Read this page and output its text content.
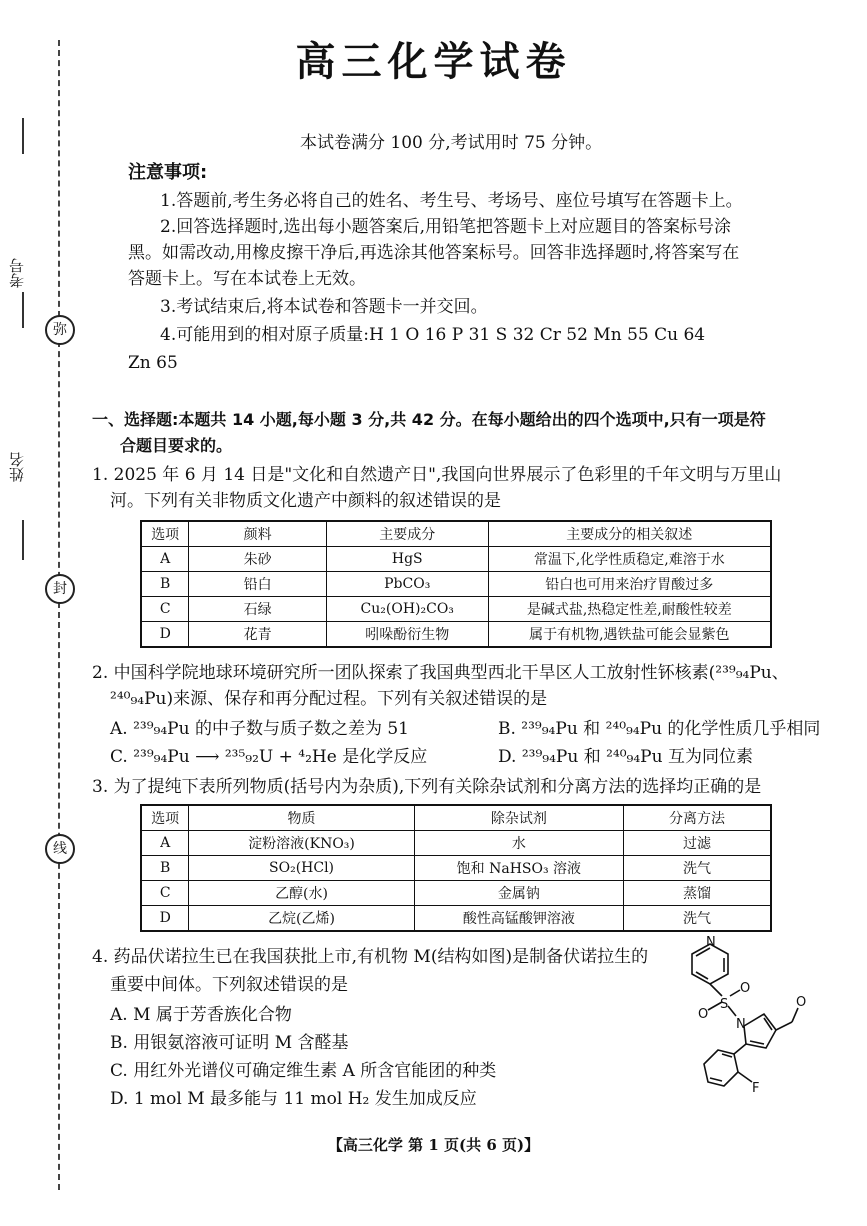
考号
姓名
弥
封
线
高三化学试卷
本试卷满分 100 分,考试用时 75 分钟。
注意事项:
1.答题前,考生务必将自己的姓名、考生号、考场号、座位号填写在答题卡上。
2.回答选择题时,选出每小题答案后,用铅笔把答题卡上对应题目的答案标号涂
黑。如需改动,用橡皮擦干净后,再选涂其他答案标号。回答非选择题时,将答案写在
答题卡上。写在本试卷上无效。
3.考试结束后,将本试卷和答题卡一并交回。
4.可能用到的相对原子质量:H 1 O 16 P 31 S 32 Cr 52 Mn 55 Cu 64
Zn 65
一、选择题:本题共 14 小题,每小题 3 分,共 42 分。在每小题给出的四个选项中,只有一项是符
合题目要求的。
1. 2025 年 6 月 14 日是"文化和自然遗产日",我国向世界展示了色彩里的千年文明与万里山
河。下列有关非物质文化遗产中颜料的叙述错误的是
选项	颜料	主要成分	主要成分的相关叙述
A	朱砂	HgS	常温下,化学性质稳定,难溶于水
B	铅白	PbCO₃	铅白也可用来治疗胃酸过多
C	石绿	Cu₂(OH)₂CO₃	是碱式盐,热稳定性差,耐酸性较差
D	花青	吲哚酚衍生物	属于有机物,遇铁盐可能会显紫色
2. 中国科学院地球环境研究所一团队探索了我国典型西北干旱区人工放射性钚核素(²³⁹₉₄Pu、
²⁴⁰₉₄Pu)来源、保存和再分配过程。下列有关叙述错误的是
A. ²³⁹₉₄Pu 的中子数与质子数之差为 51	B. ²³⁹₉₄Pu 和 ²⁴⁰₉₄Pu 的化学性质几乎相同
C. ²³⁹₉₄Pu ⟶ ²³⁵₉₂U + ⁴₂He 是化学反应	D. ²³⁹₉₄Pu 和 ²⁴⁰₉₄Pu 互为同位素
3. 为了提纯下表所列物质(括号内为杂质),下列有关除杂试剂和分离方法的选择均正确的是
选项	物质	除杂试剂	分离方法
A	淀粉溶液(KNO₃)	水	过滤
B	SO₂(HCl)	饱和 NaHSO₃ 溶液	洗气
C	乙醇(水)	金属钠	蒸馏
D	乙烷(乙烯)	酸性高锰酸钾溶液	洗气
4. 药品伏诺拉生已在我国获批上市,有机物 M(结构如图)是制备伏诺拉生的
重要中间体。下列叙述错误的是
A. M 属于芳香族化合物
B. 用银氨溶液可证明 M 含醛基
C. 用红外光谱仪可确定维生素 A 所含官能团的种类
D. 1 mol M 最多能与 11 mol H₂ 发生加成反应
N
S
O
O
N
O
F
【高三化学 第 1 页(共 6 页)】
